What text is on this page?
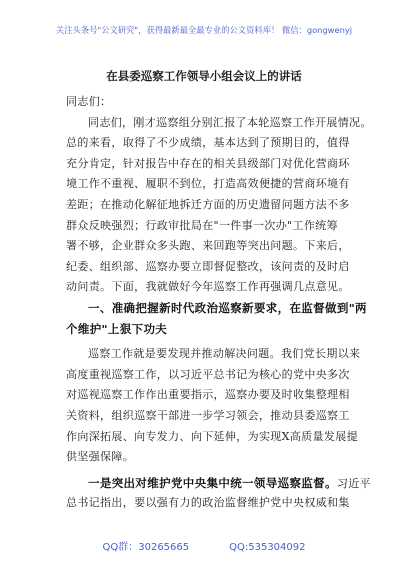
关注头条号"公文研究"，获得最新最全最专业的公文资料库！ 微信：gongwenyj
在县委巡察工作领导小组会议上的讲话
同志们：
同志们，刚才巡察组分别汇报了本轮巡察工作开展情况。
总的来看，取得了不少成绩，基本达到了预期目的，值得
充分肯定，针对报告中存在的相关县级部门对优化营商环
境工作不重视、履职不到位，打造高效便捷的营商环境有
差距；在推动化解征地拆迁方面的历史遗留问题方法不多
群众反映强烈；行政审批局在"一件事一次办"工作统筹
署不够，企业群众多头跑、来回跑等突出问题。下来后，
纪委、组织部、巡察办要立即督促整改，该问责的及时启
动问责。下面，我就做好今年巡察工作再强调几点意见。
一、准确把握新时代政治巡察新要求，在监督做到"两
个维护"上狠下功夫
巡察工作就是要发现并推动解决问题。我们党长期以来
高度重视巡察工作，以习近平总书记为核心的党中央多次
对巡视巡察工作作出重要指示，巡察办要及时收集整理相
关资料，组织巡察干部进一步学习领会，推动县委巡察工
作向深拓展、向专发力、向下延伸，为实现X高质量发展提
供坚强保障。
一是突出对维护党中央集中统一领导巡察监督。习近平
总书记指出，要以强有力的政治监督维护党中央权威和集
QQ群：30265665	QQ:535304092
